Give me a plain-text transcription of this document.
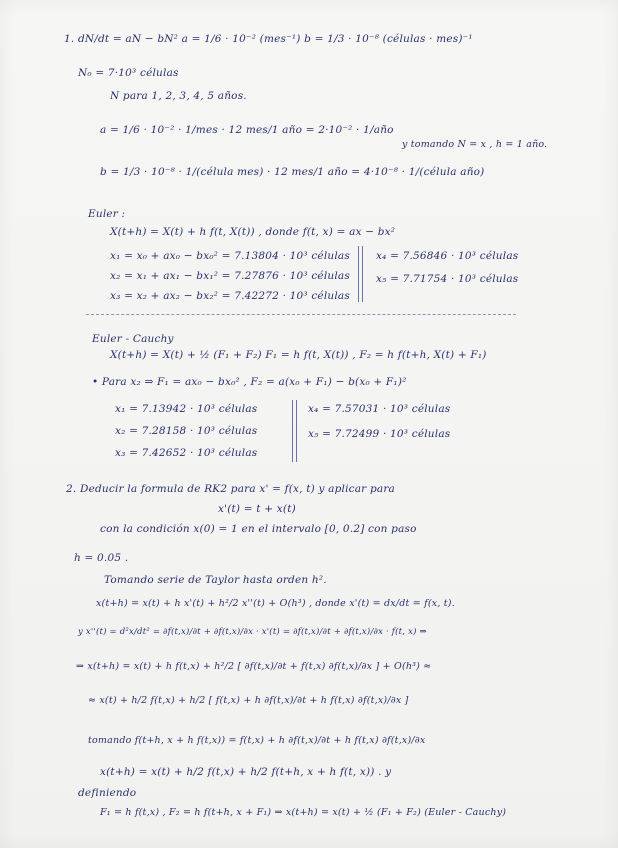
1. dN/dt = aN − bN² a = 1/6 · 10⁻² (mes⁻¹) b = 1/3 · 10⁻⁸ (células · mes)⁻¹
N₀ = 7·10³ células
N para 1, 2, 3, 4, 5 años.
a = 1/6 · 10⁻² · 1/mes · 12 mes/1 año = 2·10⁻² · 1/año
y tomando N = x , h = 1 año.
b = 1/3 · 10⁻⁸ · 1/(célula mes) · 12 mes/1 año = 4·10⁻⁸ · 1/(célula año)
Euler :
X(t+h) = X(t) + h f(t, X(t)) , donde f(t, x) = ax − bx²
x₁ = x₀ + ax₀ − bx₀² = 7.13804 · 10³ células x₄ = 7.56846 · 10³ células
x₂ = x₁ + ax₁ − bx₁² = 7.27876 · 10³ células x₅ = 7.71754 · 10³ células
x₃ = x₂ + ax₂ − bx₂² = 7.42272 · 10³ células
Euler - Cauchy
X(t+h) = X(t) + ½ (F₁ + F₂) F₁ = h f(t, X(t)) , F₂ = h f(t+h, X(t) + F₁)
• Para x₂ ⇒ F₁ = ax₀ − bx₀² , F₂ = a(x₀ + F₁) − b(x₀ + F₁)²
x₁ = 7.13942 · 10³ células	x₄ = 7.57031 · 10³ células
x₂ = 7.28158 · 10³ células	x₅ = 7.72499 · 10³ células
x₃ = 7.42652 · 10³ células
2. Deducir la formula de RK2 para x' = f(x, t) y aplicar para
x'(t) = t + x(t)
con la condición x(0) = 1 en el intervalo [0, 0.2] con paso
h = 0.05 .
Tomando serie de Taylor hasta orden h².
x(t+h) = x(t) + h x'(t) + h²/2 x''(t) + O(h³) , donde x'(t) = dx/dt = f(x, t).
y x''(t) = d²x/dt² = ∂f(t,x)/∂t + ∂f(t,x)/∂x · x'(t) = ∂f(t,x)/∂t + ∂f(t,x)/∂x · f(t, x) ⇒
⇒ x(t+h) = x(t) + h f(t,x) + h²/2 [ ∂f(t,x)/∂t + f(t,x) ∂f(t,x)/∂x ] + O(h³) ≈
≈ x(t) + h/2 f(t,x) + h/2 [ f(t,x) + h ∂f(t,x)/∂t + h f(t,x) ∂f(t,x)/∂x ]
tomando f(t+h, x + h f(t,x)) = f(t,x) + h ∂f(t,x)/∂t + h f(t,x) ∂f(t,x)/∂x
x(t+h) = x(t) + h/2 f(t,x) + h/2 f(t+h, x + h f(t, x)) . y
definiendo
F₁ = h f(t,x) , F₂ = h f(t+h, x + F₁) ⇒ x(t+h) = x(t) + ½ (F₁ + F₂) (Euler - Cauchy)
